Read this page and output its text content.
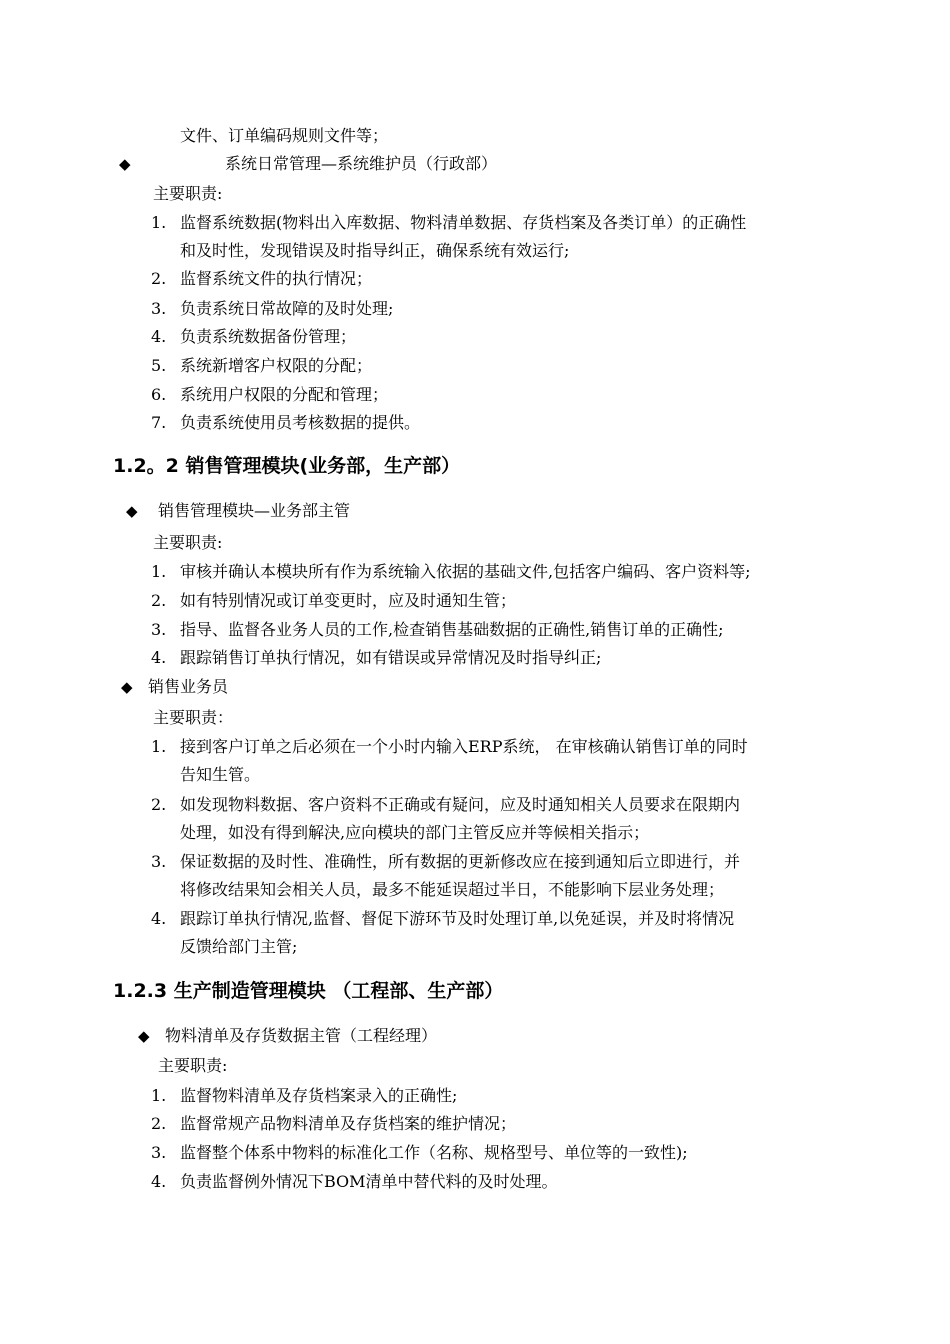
文件、订单编码规则文件等；
◆	系统日常管理—系统维护员（行政部）
主要职责:
1. 监督系统数据(物料出入库数据、物料清单数据、存货档案及各类订单）的正确性
和及时性，发现错误及时指导纠正，确保系统有效运行;
2. 监督系统文件的执行情况；
3. 负责系统日常故障的及时处理;
4. 负责系统数据备份管理；
5. 系统新增客户权限的分配；
6. 系统用户权限的分配和管理；
7. 负责系统使用员考核数据的提供。
1.2。2 销售管理模块(业务部，生产部）
◆ 销售管理模块—业务部主管
主要职责:
1. 审核并确认本模块所有作为系统输入依据的基础文件,包括客户编码、客户资料等;
2. 如有特别情况或订单变更时，应及时通知生管；
3. 指导、监督各业务人员的工作,检查销售基础数据的正确性,销售订单的正确性;
4. 跟踪销售订单执行情况，如有错误或异常情况及时指导纠正;
◆ 销售业务员
主要职责：
1. 接到客户订单之后必须在一个小时内输入ERP系统， 在审核确认销售订单的同时
告知生管。
2. 如发现物料数据、客户资料不正确或有疑问，应及时通知相关人员要求在限期内
处理，如没有得到解決,应向模块的部门主管反应并等候相关指示；
3. 保证数据的及时性、准确性，所有数据的更新修改应在接到通知后立即进行，并
将修改结果知会相关人员，最多不能延误超过半日，不能影响下层业务处理；
4. 跟踪订单执行情况,监督、督促下游环节及时处理订单,以免延误，并及时将情况
反馈给部门主管;
1.2.3 生产制造管理模块 （工程部、生产部）
◆ 物料清单及存货数据主管（工程经理）
主要职责:
1. 监督物料清单及存货档案录入的正确性;
2. 监督常规产品物料清单及存货档案的维护情况；
3. 监督整个体系中物料的标准化工作（名称、规格型号、单位等的一致性);
4. 负责监督例外情况下BOM清单中替代料的及时处理。
